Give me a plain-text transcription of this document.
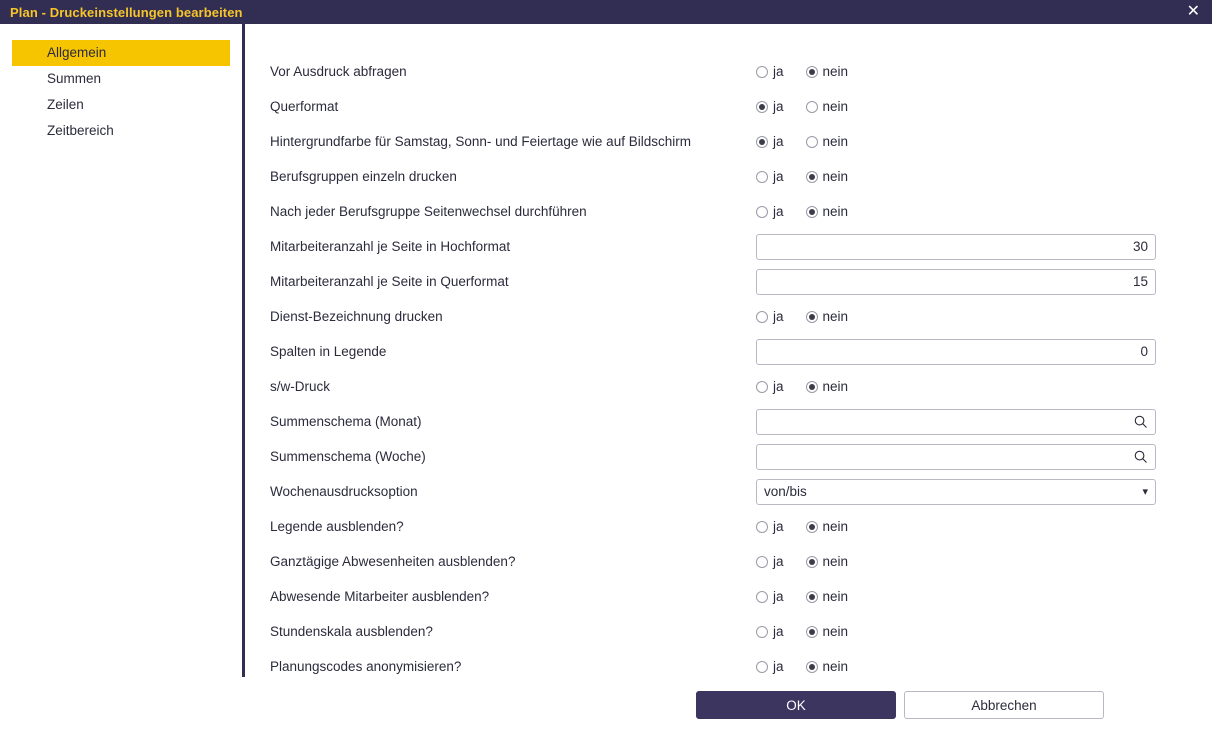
Plan - Druckeinstellungen bearbeiten	✕
Allgemein
Summen
Zeilen
Zeitbereich
Vor Ausdruck abfragen	ja	nein
Querformat	ja	nein
Hintergrundfarbe für Samstag, Sonn- und Feiertage wie auf Bildschirm	ja	nein
Berufsgruppen einzeln drucken	ja	nein
Nach jeder Berufsgruppe Seitenwechsel durchführen	ja	nein
Mitarbeiteranzahl je Seite in Hochformat	30
Mitarbeiteranzahl je Seite in Querformat	15
Dienst-Bezeichnung drucken	ja	nein
Spalten in Legende	0
s/w-Druck	ja	nein
Summenschema (Monat)
Summenschema (Woche)
Wochenausdrucksoption	von/bis	▾
Legende ausblenden?	ja	nein
Ganztägige Abwesenheiten ausblenden?	ja	nein
Abwesende Mitarbeiter ausblenden?	ja	nein
Stundenskala ausblenden?	ja	nein
Planungscodes anonymisieren?	ja	nein
OK	Abbrechen
